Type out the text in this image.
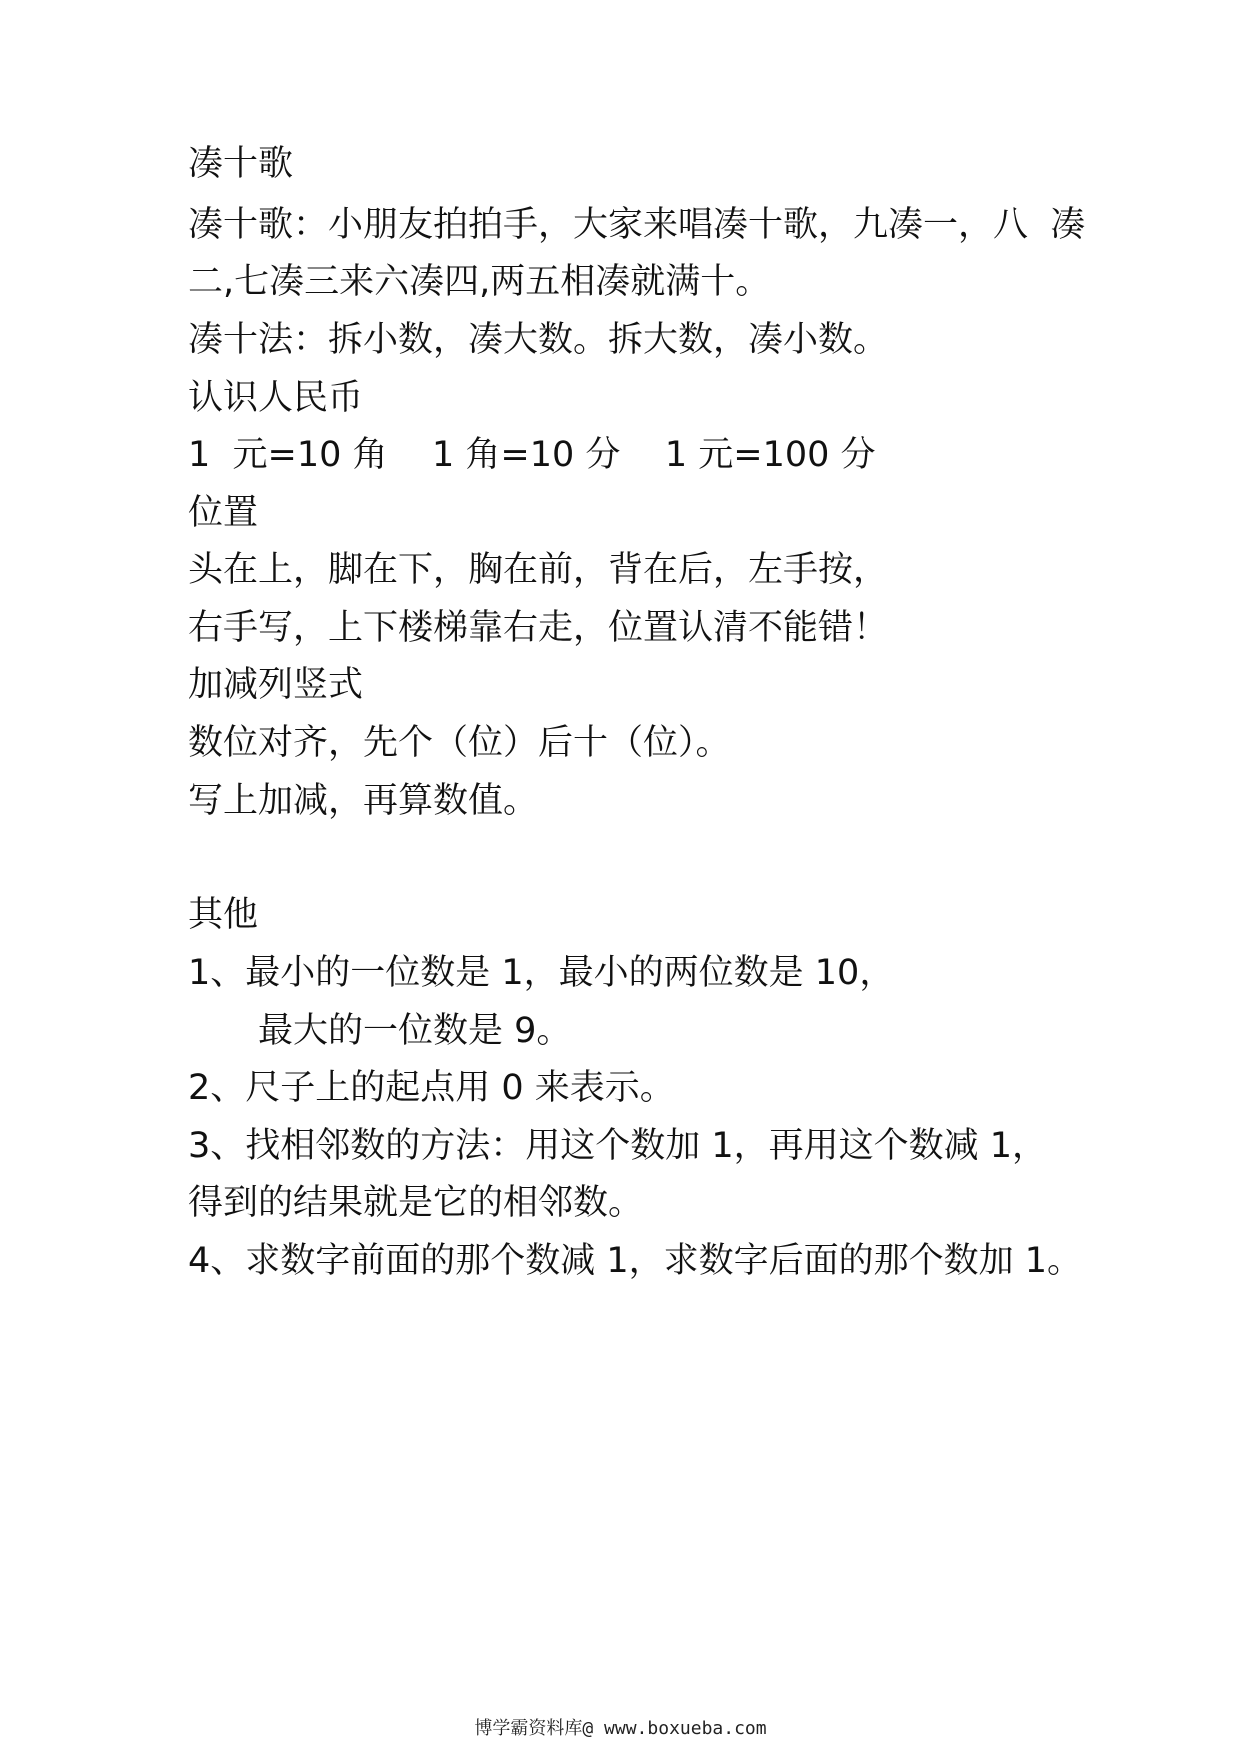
凑十歌
凑十歌：小朋友拍拍手，大家来唱凑十歌，九凑一，八  凑
二,七凑三来六凑四,两五相凑就满十。
凑十法：拆小数，凑大数。拆大数，凑小数。
认识人民币
1  元=10 角    1 角=10 分    1 元=100 分
位置
头在上，脚在下，胸在前，背在后，左手按，
右手写，上下楼梯靠右走，位置认清不能错！
加减列竖式
数位对齐，先个（位）后十（位）。
写上加减，再算数值。
其他
1、最小的一位数是 1，最小的两位数是 10，
最大的一位数是 9。
2、尺子上的起点用 0 来表示。
3、找相邻数的方法：用这个数加 1，再用这个数减 1，
得到的结果就是它的相邻数。
4、求数字前面的那个数减 1，求数字后面的那个数加 1。
博学霸资料库@ www.boxueba.com
